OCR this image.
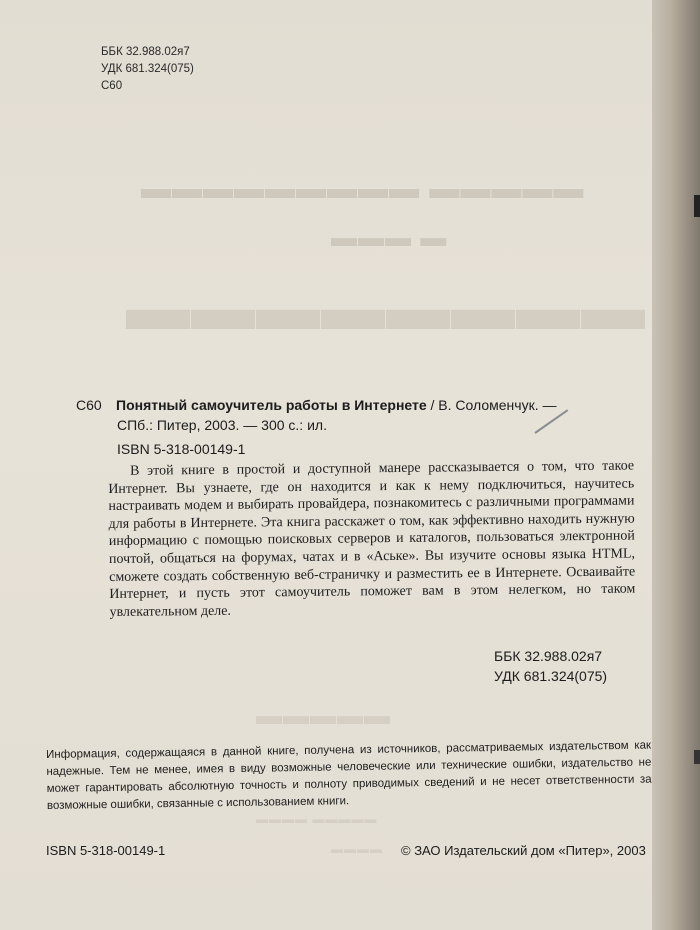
▬▬▬▬▬ ▬▬▬▬▬▬▬▬▬
▬ ▬▬▬
▬▬▬▬▬▬▬▬
▬▬▬▬▬
▬▬▬▬▬ ▬▬▬▬
▬▬▬▬
ББК 32.988.02я7
УДК 681.324(075)
С60
С60 Понятный самоучитель работы в Интернете / В. Соломенчук. —
СПб.: Питер, 2003. — 300 с.: ил.
ISBN 5-318-00149-1
В этой книге в простой и доступной манере рассказывается о том, что такое Интернет. Вы узнаете, где он находится и как к нему подключиться, научитесь настраивать модем и выбирать провайдера, познакомитесь с различными программами для работы в Интернете. Эта книга расскажет о том, как эффективно находить нужную информацию с помощью поисковых серверов и каталогов, пользоваться электронной почтой, общаться на форумах, чатах и в «Аське». Вы изучите основы языка HTML, сможете создать собственную веб-страничку и разместить ее в Интернете. Осваивайте Интернет, и пусть этот самоучитель поможет вам в этом нелегком, но таком увлекательном деле.
ББК 32.988.02я7
УДК 681.324(075)
Информация, содержащаяся в данной книге, получена из источников, рассматриваемых издательством как надежные. Тем не менее, имея в виду возможные человеческие или технические ошибки, издательство не может гарантировать абсолютную точность и полноту приводимых сведений и не несет ответственности за возможные ошибки, связанные с использованием книги.
ISBN 5-318-00149-1	© ЗАО Издательский дом «Питер», 2003
